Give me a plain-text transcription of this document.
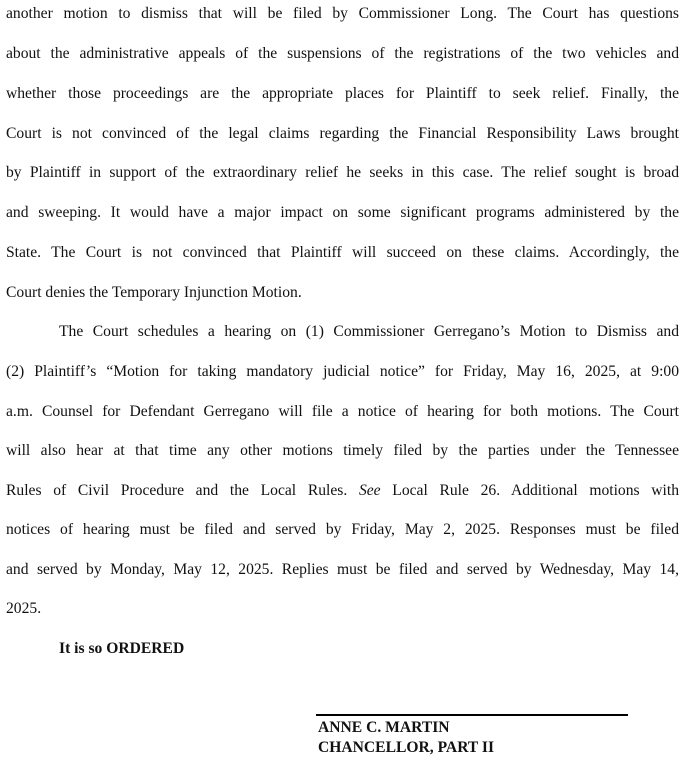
another motion to dismiss that will be filed by Commissioner Long. The Court has questions
about the administrative appeals of the suspensions of the registrations of the two vehicles and
whether those proceedings are the appropriate places for Plaintiff to seek relief. Finally, the
Court is not convinced of the legal claims regarding the Financial Responsibility Laws brought
by Plaintiff in support of the extraordinary relief he seeks in this case. The relief sought is broad
and sweeping. It would have a major impact on some significant programs administered by the
State. The Court is not convinced that Plaintiff will succeed on these claims. Accordingly, the
Court denies the Temporary Injunction Motion.
The Court schedules a hearing on (1) Commissioner Gerregano’s Motion to Dismiss and
(2) Plaintiff’s “Motion for taking mandatory judicial notice” for Friday, May 16, 2025, at 9:00
a.m. Counsel for Defendant Gerregano will file a notice of hearing for both motions. The Court
will also hear at that time any other motions timely filed by the parties under the Tennessee
Rules of Civil Procedure and the Local Rules. See Local Rule 26. Additional motions with
notices of hearing must be filed and served by Friday, May 2, 2025. Responses must be filed
and served by Monday, May 12, 2025. Replies must be filed and served by Wednesday, May 14,
2025.
It is so ORDERED
ANNE C. MARTIN
CHANCELLOR, PART II
